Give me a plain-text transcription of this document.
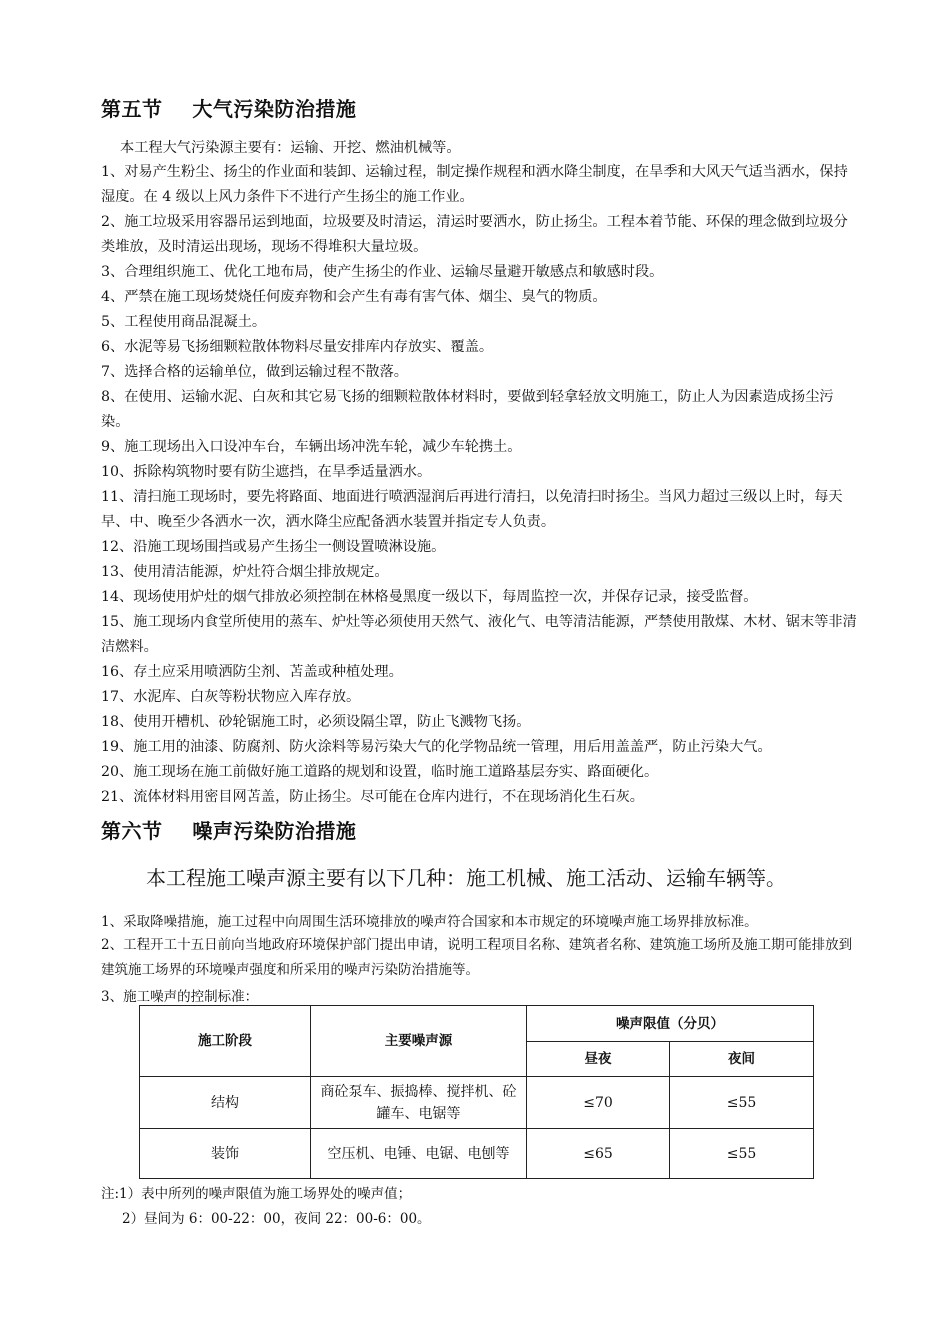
第五节    大气污染防治措施
本工程大气污染源主要有：运输、开挖、燃油机械等。
1、对易产生粉尘、扬尘的作业面和装卸、运输过程，制定操作规程和洒水降尘制度，在旱季和大风天气适当洒水，保持湿度。在 4 级以上风力条件下不进行产生扬尘的施工作业。
2、施工垃圾采用容器吊运到地面，垃圾要及时清运，清运时要洒水，防止扬尘。工程本着节能、环保的理念做到垃圾分类堆放，及时清运出现场，现场不得堆积大量垃圾。
3、合理组织施工、优化工地布局，使产生扬尘的作业、运输尽量避开敏感点和敏感时段。
4、严禁在施工现场焚烧任何废弃物和会产生有毒有害气体、烟尘、臭气的物质。
5、工程使用商品混凝土。
6、水泥等易飞扬细颗粒散体物料尽量安排库内存放实、覆盖。
7、选择合格的运输单位，做到运输过程不散落。
8、在使用、运输水泥、白灰和其它易飞扬的细颗粒散体材料时，要做到轻拿轻放文明施工，防止人为因素造成扬尘污染。
9、施工现场出入口设冲车台，车辆出场冲洗车轮，减少车轮携土。
10、拆除构筑物时要有防尘遮挡，在旱季适量洒水。
11、清扫施工现场时，要先将路面、地面进行喷洒湿润后再进行清扫，以免清扫时扬尘。当风力超过三级以上时，每天早、中、晚至少各洒水一次，洒水降尘应配备洒水装置并指定专人负责。
12、沿施工现场围挡或易产生扬尘一侧设置喷淋设施。
13、使用清洁能源，炉灶符合烟尘排放规定。
14、现场使用炉灶的烟气排放必须控制在林格曼黑度一级以下，每周监控一次，并保存记录，接受监督。
15、施工现场内食堂所使用的蒸车、炉灶等必须使用天然气、液化气、电等清洁能源，严禁使用散煤、木材、锯末等非清洁燃料。
16、存土应采用喷洒防尘剂、苫盖或种植处理。
17、水泥库、白灰等粉状物应入库存放。
18、使用开槽机、砂轮锯施工时，必须设隔尘罩，防止飞溅物飞扬。
19、施工用的油漆、防腐剂、防火涂料等易污染大气的化学物品统一管理，用后用盖盖严，防止污染大气。
20、施工现场在施工前做好施工道路的规划和设置，临时施工道路基层夯实、路面硬化。
21、流体材料用密目网苫盖，防止扬尘。尽可能在仓库内进行，不在现场消化生石灰。
第六节    噪声污染防治措施
本工程施工噪声源主要有以下几种：施工机械、施工活动、运输车辆等。
1、采取降噪措施，施工过程中向周围生活环境排放的噪声符合国家和本市规定的环境噪声施工场界排放标准。
2、工程开工十五日前向当地政府环境保护部门提出申请，说明工程项目名称、建筑者名称、建筑施工场所及施工期可能排放到建筑施工场界的环境噪声强度和所采用的噪声污染防治措施等。
3、施工噪声的控制标准：
施工阶段	主要噪声源	噪声限值（分贝）	
		昼夜	夜间
结构	商砼泵车、振捣棒、搅拌机、砼罐车、电锯等	≤70	≤55
装饰	空压机、电锤、电锯、电刨等	≤65	≤55
注:1）表中所列的噪声限值为施工场界处的噪声值；
2）昼间为 6：00-22：00，夜间 22：00-6：00。
